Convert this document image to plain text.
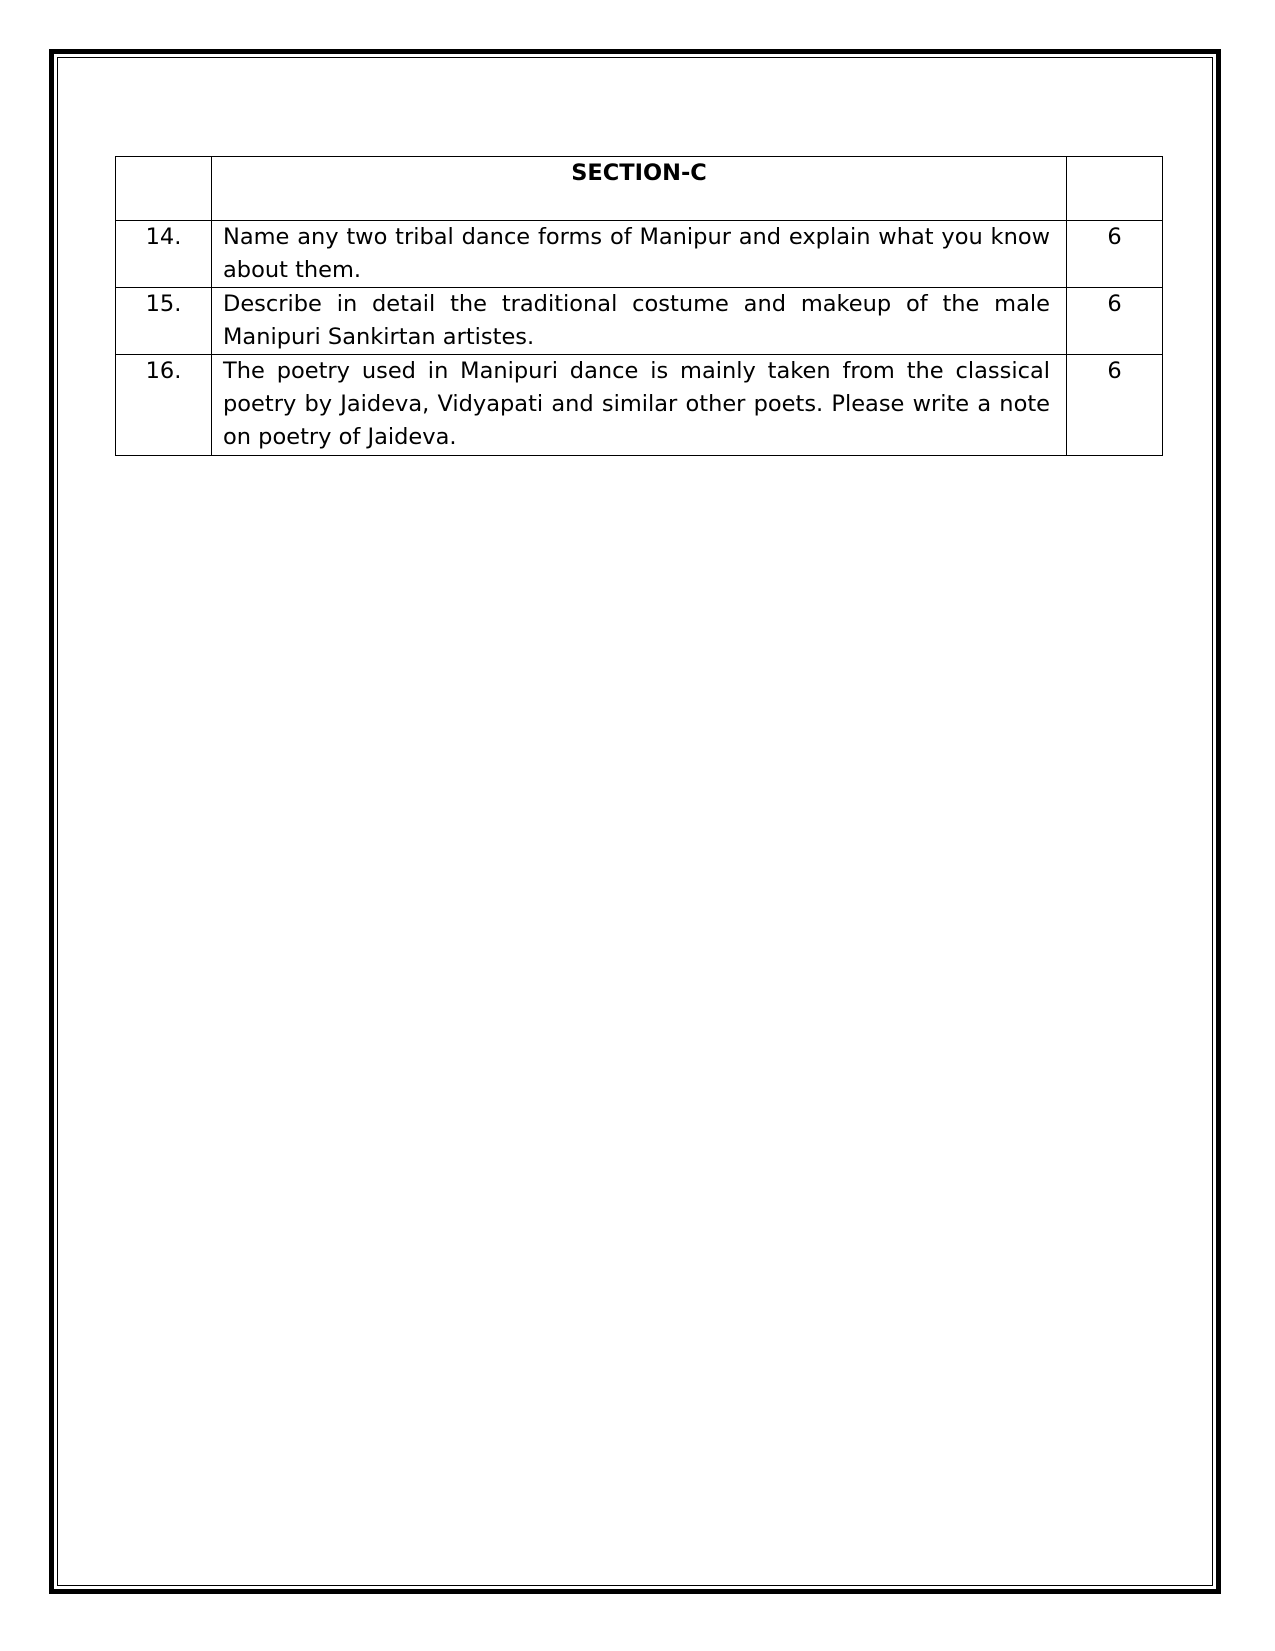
	SECTION-C	
14.	Name any two tribal dance forms of Manipur and explain what you know about them.	6
15.	Describe in detail the traditional costume and makeup of the male Manipuri Sankirtan artistes.	6
16.	The poetry used in Manipuri dance is mainly taken from the classical poetry by Jaideva, Vidyapati and similar other poets. Please write a note on poetry of Jaideva.	6
